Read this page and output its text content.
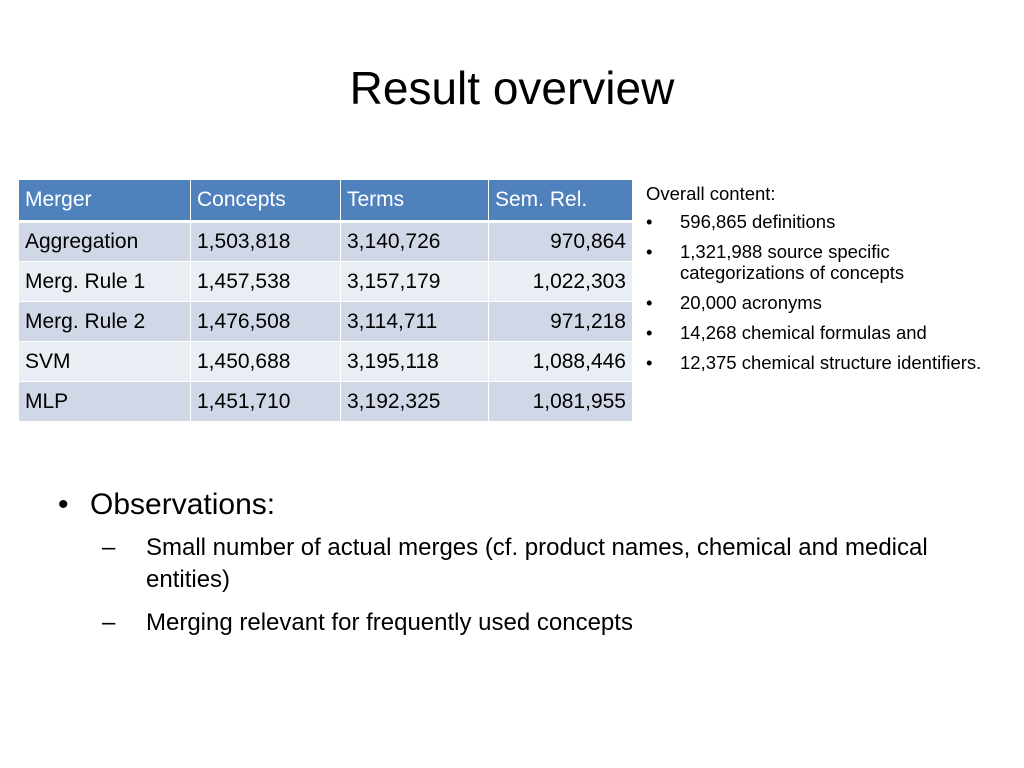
Result overview
Merger	Concepts	Terms	Sem. Rel.
Aggregation	1,503,818	3,140,726	970,864
Merg. Rule 1	1,457,538	3,157,179	1,022,303
Merg. Rule 2	1,476,508	3,114,711	971,218
SVM	1,450,688	3,195,118	1,088,446
MLP	1,451,710	3,192,325	1,081,955
Overall content:
• 596,865 definitions
• 1,321,988 source specific categorizations of concepts
• 20,000 acronyms
• 14,268 chemical formulas and
• 12,375 chemical structure identifiers.
• Observations:
– Small number of actual merges (cf. product names, chemical and medical entities)
– Merging relevant for frequently used concepts
